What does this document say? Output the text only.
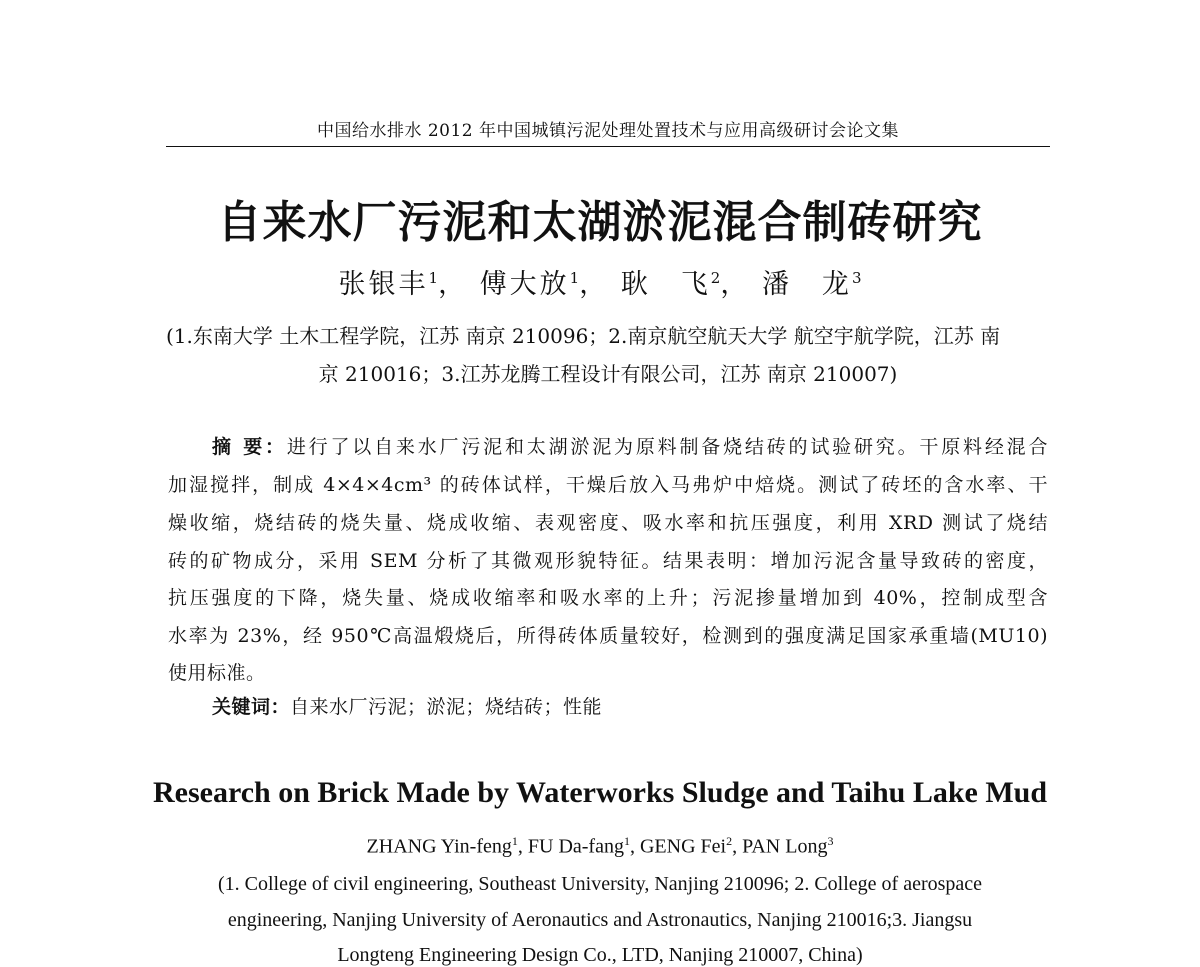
中国给水排水 2012 年中国城镇污泥处理处置技术与应用高级研讨会论文集
自来水厂污泥和太湖淤泥混合制砖研究
张银丰$^1$， 傅大放$^1$， 耿　飞$^2$， 潘　龙$^3$
(1.东南大学 土木工程学院，江苏 南京 210096；2.南京航空航天大学 航空宇航学院，江苏 南
京 210016；3.江苏龙腾工程设计有限公司，江苏 南京 210007)
摘 要：进行了以自来水厂污泥和太湖淤泥为原料制备烧结砖的试验研究。干原料经混合
加湿搅拌，制成 4×4×4cm³ 的砖体试样，干燥后放入马弗炉中焙烧。测试了砖坯的含水率、干
燥收缩，烧结砖的烧失量、烧成收缩、表观密度、吸水率和抗压强度，利用 XRD 测试了烧结
砖的矿物成分，采用 SEM 分析了其微观形貌特征。结果表明：增加污泥含量导致砖的密度，
抗压强度的下降，烧失量、烧成收缩率和吸水率的上升；污泥掺量增加到 40%，控制成型含
水率为 23%，经 950℃高温煅烧后，所得砖体质量较好，检测到的强度满足国家承重墙(MU10)
使用标准。
关键词：自来水厂污泥；淤泥；烧结砖；性能
Research on Brick Made by Waterworks Sludge and Taihu Lake Mud
ZHANG Yin-feng$^1$, FU Da-fang$^1$, GENG Fei$^2$, PAN Long$^3$
(1. College of civil engineering, Southeast University, Nanjing 210096; 2. College of aerospace
engineering, Nanjing University of Aeronautics and Astronautics, Nanjing 210016;3. Jiangsu
Longteng Engineering Design Co., LTD, Nanjing 210007, China)
